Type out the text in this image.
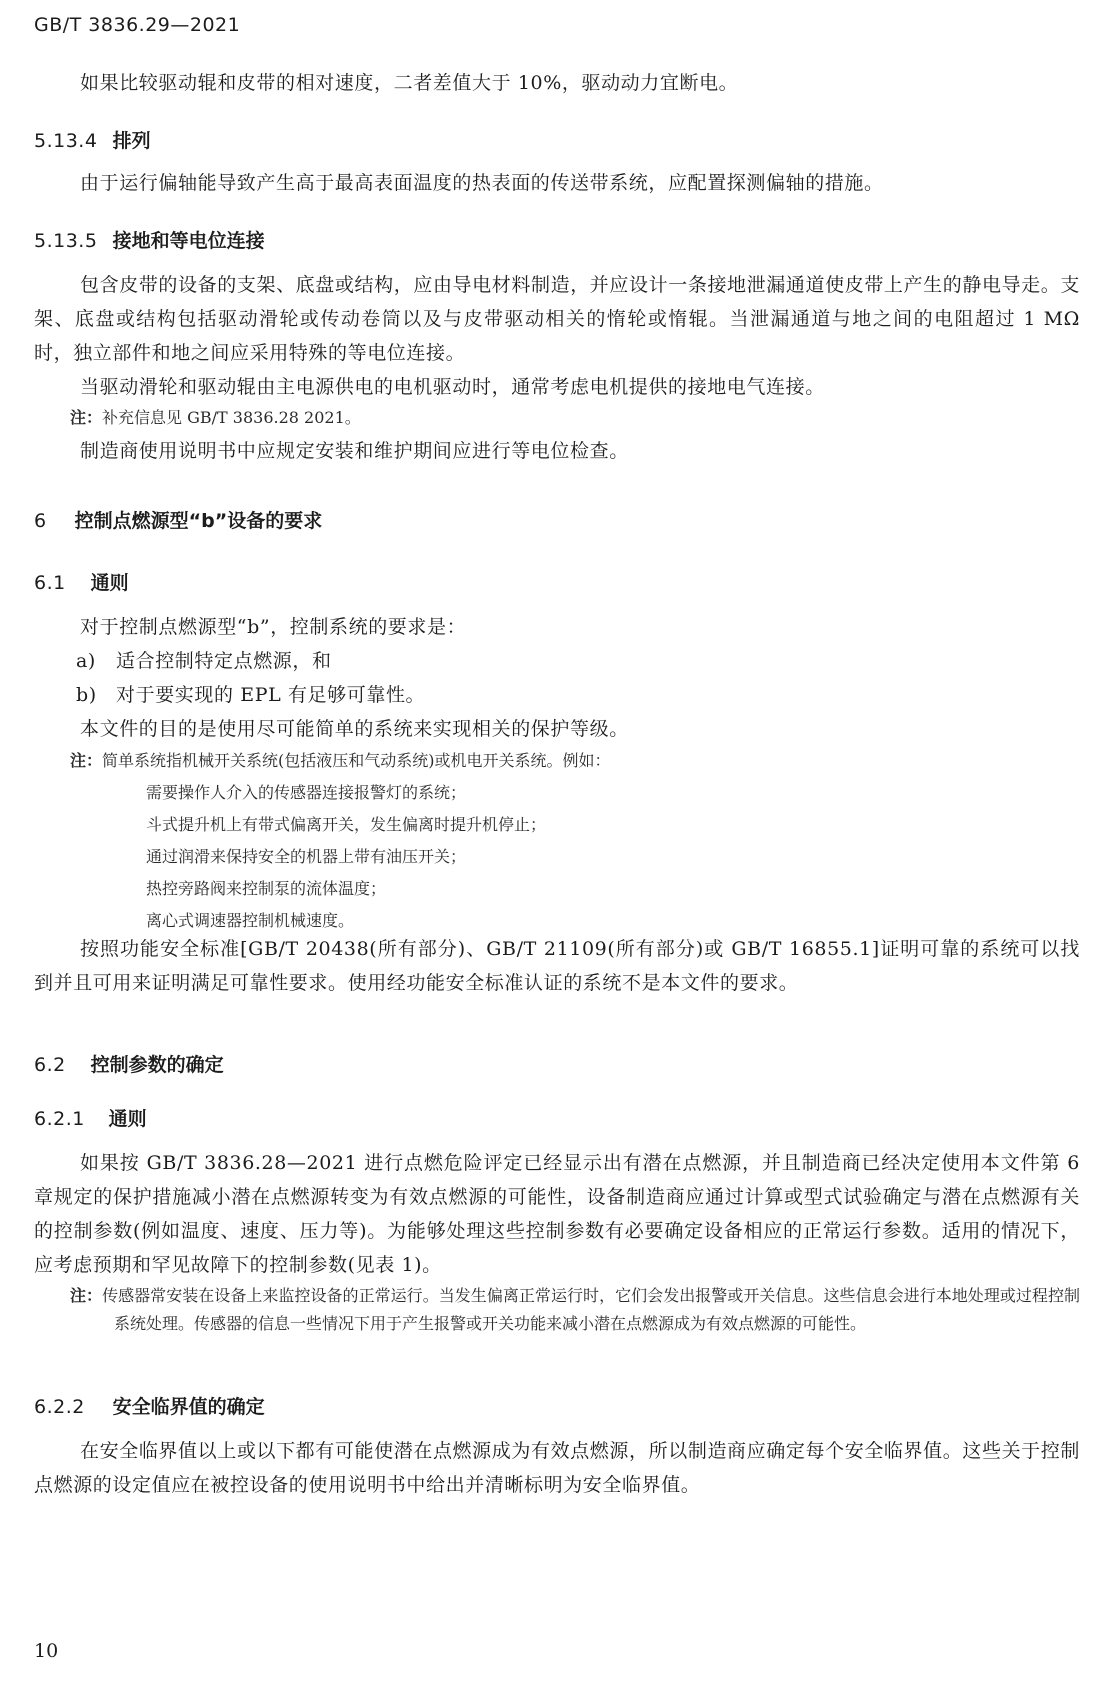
GB/T 3836.29—2021
如果比较驱动辊和皮带的相对速度，二者差值大于 10%，驱动动力宜断电。
5.13.4 排列
由于运行偏轴能导致产生高于最高表面温度的热表面的传送带系统，应配置探测偏轴的措施。
5.13.5 接地和等电位连接
包含皮带的设备的支架、底盘或结构，应由导电材料制造，并应设计一条接地泄漏通道使皮带上产生的静电导走。支架、底盘或结构包括驱动滑轮或传动卷筒以及与皮带驱动相关的惰轮或惰辊。当泄漏通道与地之间的电阻超过 1 MΩ 时，独立部件和地之间应采用特殊的等电位连接。
当驱动滑轮和驱动辊由主电源供电的电机驱动时，通常考虑电机提供的接地电气连接。
注：补充信息见 GB/T 3836.28 2021。
制造商使用说明书中应规定安装和维护期间应进行等电位检查。
6 控制点燃源型“b”设备的要求
6.1 通则
对于控制点燃源型“b”，控制系统的要求是：
a) 适合控制特定点燃源，和
b) 对于要实现的 EPL 有足够可靠性。
本文件的目的是使用尽可能简单的系统来实现相关的保护等级。
注：简单系统指机械开关系统(包括液压和气动系统)或机电开关系统。例如：
需要操作人介入的传感器连接报警灯的系统；
斗式提升机上有带式偏离开关，发生偏离时提升机停止；
通过润滑来保持安全的机器上带有油压开关；
热控旁路阀来控制泵的流体温度；
离心式调速器控制机械速度。
按照功能安全标准[GB/T 20438(所有部分)、GB/T 21109(所有部分)或 GB/T 16855.1]证明可靠的系统可以找到并且可用来证明满足可靠性要求。使用经功能安全标准认证的系统不是本文件的要求。
6.2 控制参数的确定
6.2.1 通则
如果按 GB/T 3836.28—2021 进行点燃危险评定已经显示出有潜在点燃源，并且制造商已经决定使用本文件第 6 章规定的保护措施减小潜在点燃源转变为有效点燃源的可能性，设备制造商应通过计算或型式试验确定与潜在点燃源有关的控制参数(例如温度、速度、压力等)。为能够处理这些控制参数有必要确定设备相应的正常运行参数。适用的情况下，应考虑预期和罕见故障下的控制参数(见表 1)。
注：传感器常安装在设备上来监控设备的正常运行。当发生偏离正常运行时，它们会发出报警或开关信息。这些信息会进行本地处理或过程控制系统处理。传感器的信息一些情况下用于产生报警或开关功能来减小潜在点燃源成为有效点燃源的可能性。
6.2.2 安全临界值的确定
在安全临界值以上或以下都有可能使潜在点燃源成为有效点燃源，所以制造商应确定每个安全临界值。这些关于控制点燃源的设定值应在被控设备的使用说明书中给出并清晰标明为安全临界值。
10
